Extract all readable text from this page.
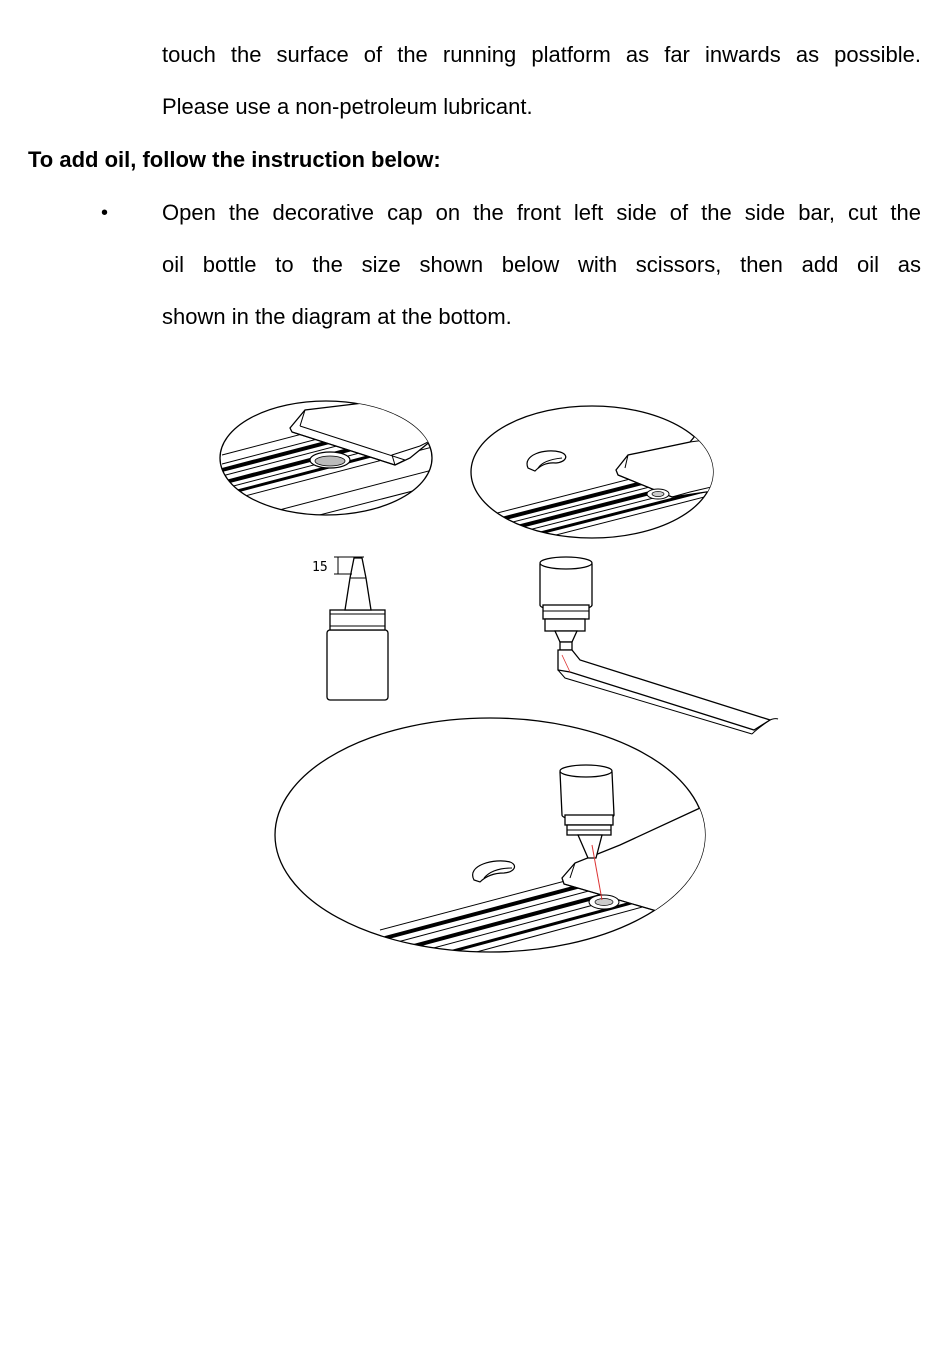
touch the surface of the running platform as far inwards as possible.
Please use a non-petroleum lubricant.
To add oil, follow the instruction below:
• Open the decorative cap on the front left side of the side bar, cut the
oil bottle to the size shown below with scissors, then add oil as
shown in the diagram at the bottom.
15
